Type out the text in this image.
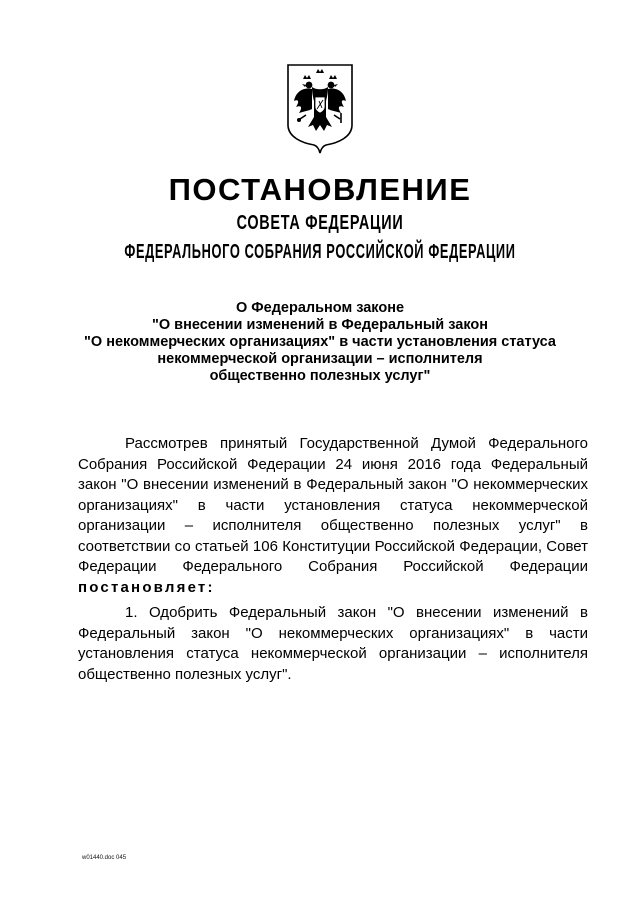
ПОСТАНОВЛЕНИЕ
СОВЕТА ФЕДЕРАЦИИ
ФЕДЕРАЛЬНОГО СОБРАНИЯ РОССИЙСКОЙ ФЕДЕРАЦИИ
О Федеральном законе
"О внесении изменений в Федеральный закон
"О некоммерческих организациях" в части установления статуса
некоммерческой организации – исполнителя
общественно полезных услуг"

Рассмотрев принятый Государственной Думой Федерального Собрания Российской Федерации 24 июня 2016 года Федеральный закон "О внесении изменений в Федеральный закон "О некоммерческих организациях" в части установления статуса некоммерческой организации – исполнителя общественно полезных услуг" в соответствии со статьей 106 Конституции Российской Федерации, Совет Федерации Федерального Собрания Российской Федерации постановляет:

1. Одобрить Федеральный закон "О внесении изменений в Федеральный закон "О некоммерческих организациях" в части установления статуса некоммерческой организации – исполнителя общественно полезных услуг".

w01440.doc 045
